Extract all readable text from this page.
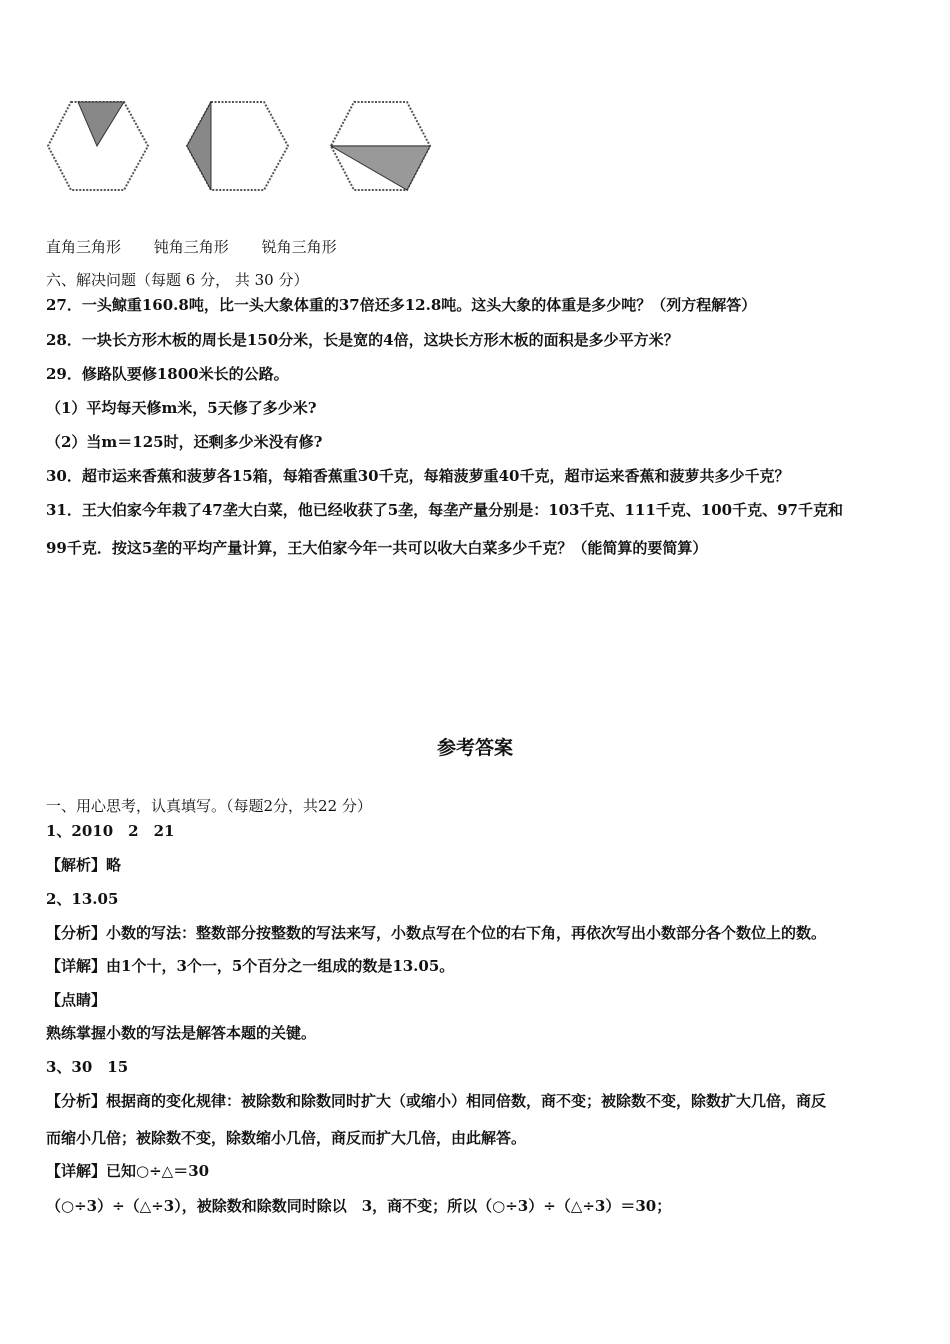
直角三角形 钝角三角形 锐角三角形
六、解决问题（每题 6 分， 共 30 分）
27．一头鲸重160.8吨，比一头大象体重的37倍还多12.8吨。这头大象的体重是多少吨？（列方程解答）
28．一块长方形木板的周长是150分米，长是宽的4倍，这块长方形木板的面积是多少平方米？
29．修路队要修1800米长的公路。
（1）平均每天修m米，5天修了多少米?
（2）当m＝125时，还剩多少米没有修?
30．超市运来香蕉和菠萝各15箱，每箱香蕉重30千克，每箱菠萝重40千克，超市运来香蕉和菠萝共多少千克？
31．王大伯家今年栽了47垄大白菜，他已经收获了5垄，每垄产量分别是：103千克、111千克、100千克、97千克和
99千克．按这5垄的平均产量计算，王大伯家今年一共可以收大白菜多少千克？（能简算的要简算）
参考答案
一、用心思考，认真填写。（每题2分，共22 分）
1、2010　2　21
【解析】略
2、13.05
【分析】小数的写法：整数部分按整数的写法来写，小数点写在个位的右下角，再依次写出小数部分各个数位上的数。
【详解】由1个十，3个一，5个百分之一组成的数是13.05。
【点睛】
熟练掌握小数的写法是解答本题的关键。
3、30　15
【分析】根据商的变化规律：被除数和除数同时扩大（或缩小）相同倍数，商不变；被除数不变，除数扩大几倍，商反
而缩小几倍；被除数不变，除数缩小几倍，商反而扩大几倍，由此解答。
【详解】已知○÷△＝30
（○÷3）÷（△÷3），被除数和除数同时除以　3，商不变；所以（○÷3）÷（△÷3）＝30；
